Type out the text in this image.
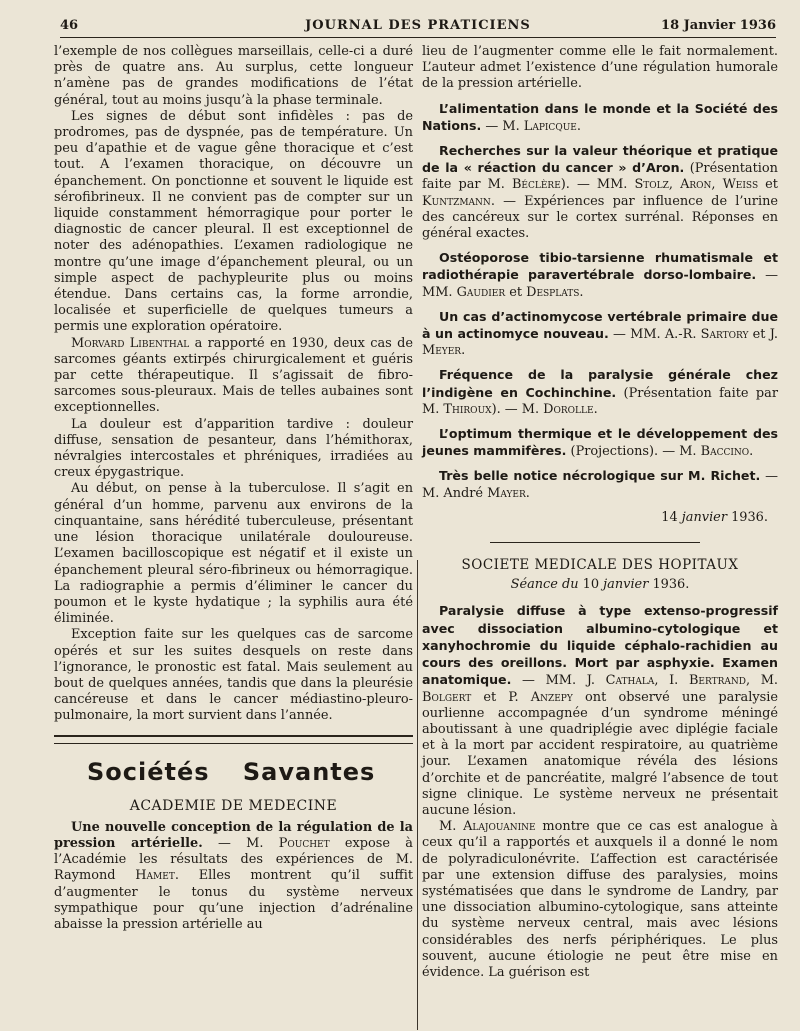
46	JOURNAL DES PRATICIENS	18 Janvier 1936

l’exemple de nos collègues marseillais, celle-ci a duré près de quatre ans. Au surplus, cette longueur n’amène pas de grandes modifications de l’état général, tout au moins jusqu’à la phase terminale.

Les signes de début sont infidèles : pas de prodromes, pas de dyspnée, pas de température. Un peu d’apathie et de vague gêne thoracique et c’est tout. A l’examen thoracique, on découvre un épanchement. On ponctionne et souvent le liquide est sérofibrineux. Il ne convient pas de compter sur un liquide constamment hémorragique pour porter le diagnostic de cancer pleural. Il est exceptionnel de noter des adénopathies. L’examen radiologique ne montre qu’une image d’épanchement pleural, ou un simple aspect de pachypleurite plus ou moins étendue. Dans certains cas, la forme arrondie, localisée et superficielle de quelques tumeurs a permis une exploration opératoire.

Morvard Libenthal a rapporté en 1930, deux cas de sarcomes géants extirpés chirurgicalement et guéris par cette thérapeutique. Il s’agissait de fibro-sarcomes sous-pleuraux. Mais de telles aubaines sont exceptionnelles.

La douleur est d’apparition tardive : douleur diffuse, sensation de pesanteur, dans l’hémithorax, névralgies intercostales et phréniques, irradiées au creux épygastrique.

Au début, on pense à la tuberculose. Il s’agit en général d’un homme, parvenu aux environs de la cinquantaine, sans hérédité tuberculeuse, présentant une lésion thoracique unilatérale douloureuse. L’examen bacilloscopique est négatif et il existe un épanchement pleural séro-fibrineux ou hémorragique. La radiographie a permis d’éliminer le cancer du poumon et le kyste hydatique ; la syphilis aura été éliminée.

Exception faite sur les quelques cas de sarcome opérés et sur les suites desquels on reste dans l’ignorance, le pronostic est fatal. Mais seulement au bout de quelques années, tandis que dans la pleurésie cancéreuse et dans le cancer médiastino-pleuro-pulmonaire, la mort survient dans l’année.

Sociétés Savantes

ACADEMIE DE MEDECINE

Une nouvelle conception de la régulation de la pression artérielle. — M. Pouchet expose à l’Académie les résultats des expériences de M. Raymond Hamet. Elles montrent qu’il suffit d’augmenter le tonus du système nerveux sympathique pour qu’une injection d’adrénaline abaisse la pression artérielle au

lieu de l’augmenter comme elle le fait normalement. L’auteur admet l’existence d’une régulation humorale de la pression artérielle.

L’alimentation dans le monde et la Société des Nations. — M. Lapicque.

Recherches sur la valeur théorique et pratique de la « réaction du cancer » d’Aron. (Présentation faite par M. Béclère). — MM. Stolz, Aron, Weiss et Kuntzmann. — Expériences par influence de l’urine des cancéreux sur le cortex surrénal. Réponses en général exactes.

Ostéoporose tibio-tarsienne rhumatismale et radiothérapie paravertébrale dorso-lombaire. — MM. Gaudier et Desplats.

Un cas d’actinomycose vertébrale primaire due à un actinomyce nouveau. — MM. A.-R. Sartory et J. Meyer.

Fréquence de la paralysie générale chez l’indigène en Cochinchine. (Présentation faite par M. Thiroux). — M. Dorolle.

L’optimum thermique et le développement des jeunes mammifères. (Projections). — M. Baccino.

Très belle notice nécrologique sur M. Richet. — M. André Mayer.

14 janvier 1936.

SOCIETE MEDICALE DES HOPITAUX

Séance du 10 janvier 1936.

Paralysie diffuse à type extenso-progressif avec dissociation albumino-cytologique et xanyhochromie du liquide céphalo-rachidien au cours des oreillons. Mort par asphyxie. Examen anatomique. — MM. J. Cathala, I. Bertrand, M. Bolgert et P. Anzepy ont observé une paralysie ourlienne accompagnée d’un syndrome méningé aboutissant à une quadriplégie avec diplégie faciale et à la mort par accident respiratoire, au quatrième jour. L’examen anatomique révéla des lésions d’orchite et de pancréatite, malgré l’absence de tout signe clinique. Le système nerveux ne présentait aucune lésion.

M. Alajouanine montre que ce cas est analogue à ceux qu’il a rapportés et auxquels il a donné le nom de polyradiculonévrite. L’affection est caractérisée par une extension diffuse des paralysies, moins systématisées que dans le syndrome de Landry, par une dissociation albumino-cytologique, sans atteinte du système nerveux central, mais avec lésions considérables des nerfs périphériques. Le plus souvent, aucune étiologie ne peut être mise en évidence. La guérison est
